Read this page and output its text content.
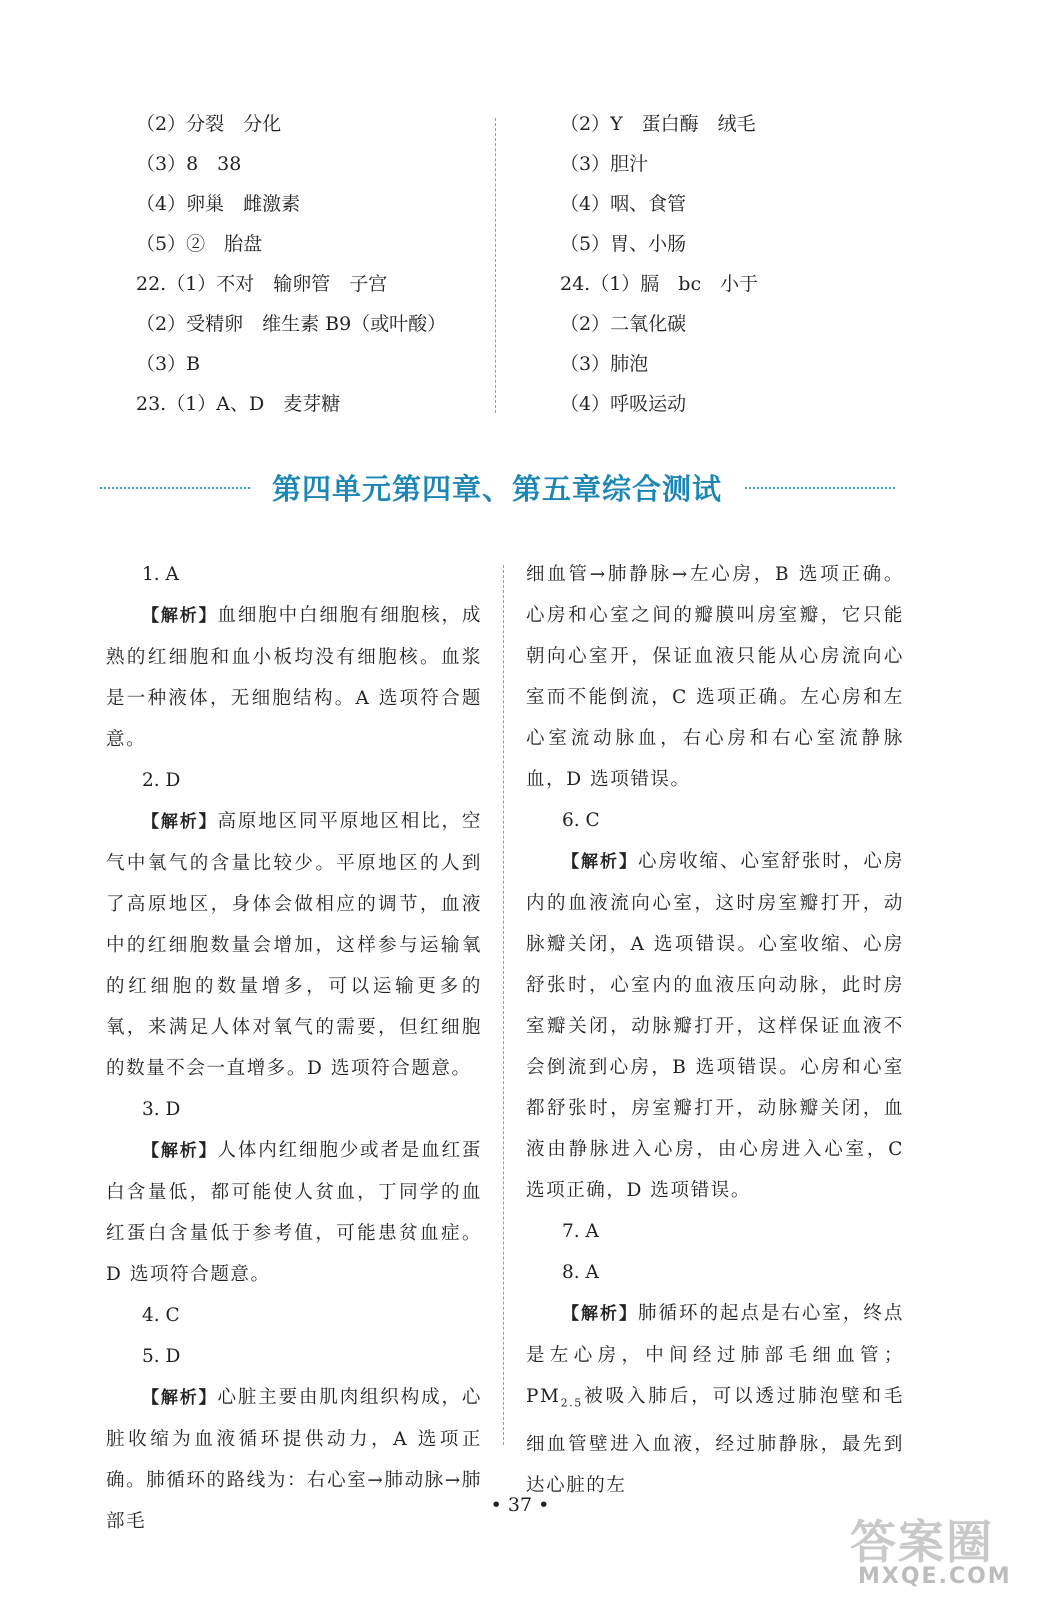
（2）分裂　分化
（3）8　38
（4）卵巢　雌激素
（5）②　胎盘
22.（1）不对　输卵管　子宫
（2）受精卵　维生素 B9（或叶酸）
（3）B
23.（1）A、D　麦芽糖
（2）Y　蛋白酶　绒毛
（3）胆汁
（4）咽、食管
（5）胃、小肠
24.（1）膈　bc　小于
（2）二氧化碳
（3）肺泡
（4）呼吸运动
第四单元第四章、第五章综合测试
1. A
【解析】血细胞中白细胞有细胞核，成熟的红细胞和血小板均没有细胞核。血浆是一种液体，无细胞结构。A 选项符合题意。
2. D
【解析】高原地区同平原地区相比，空气中氧气的含量比较少。平原地区的人到了高原地区，身体会做相应的调节，血液中的红细胞数量会增加，这样参与运输氧的红细胞的数量增多，可以运输更多的氧，来满足人体对氧气的需要，但红细胞的数量不会一直增多。D 选项符合题意。
3. D
【解析】人体内红细胞少或者是血红蛋白含量低，都可能使人贫血，丁同学的血红蛋白含量低于参考值，可能患贫血症。D 选项符合题意。
4. C
5. D
【解析】心脏主要由肌肉组织构成，心脏收缩为血液循环提供动力，A 选项正确。肺循环的路线为：右心室→肺动脉→肺部毛
细血管→肺静脉→左心房，B 选项正确。心房和心室之间的瓣膜叫房室瓣，它只能朝向心室开，保证血液只能从心房流向心室而不能倒流，C 选项正确。左心房和左心室流动脉血，右心房和右心室流静脉血，D 选项错误。
6. C
【解析】心房收缩、心室舒张时，心房内的血液流向心室，这时房室瓣打开，动脉瓣关闭，A 选项错误。心室收缩、心房舒张时，心室内的血液压向动脉，此时房室瓣关闭，动脉瓣打开，这样保证血液不会倒流到心房，B 选项错误。心房和心室都舒张时，房室瓣打开，动脉瓣关闭，血液由静脉进入心房，由心房进入心室，C 选项正确，D 选项错误。
7. A
8. A
【解析】肺循环的起点是右心室，终点是左心房，中间经过肺部毛细血管；$PM_{2.5}$被吸入肺后，可以透过肺泡壁和毛细血管壁进入血液，经过肺静脉，最先到达心脏的左
• 37 •
答案圈
MXQE.COM
